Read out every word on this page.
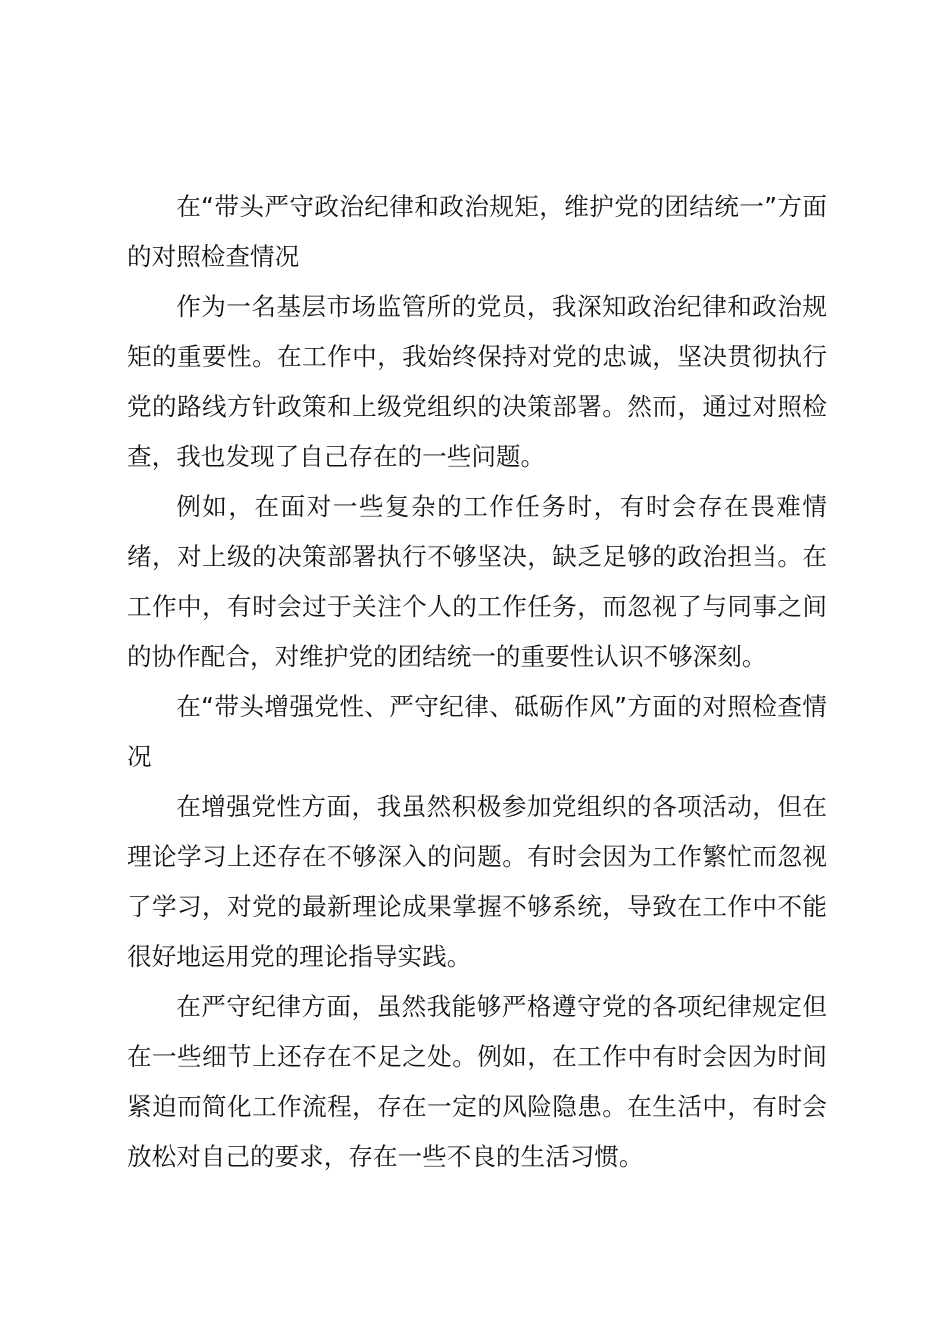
在“带头严守政治纪律和政治规矩，维护党的团结统一”方面的对照检查情况

作为一名基层市场监管所的党员，我深知政治纪律和政治规矩的重要性。在工作中，我始终保持对党的忠诚，坚决贯彻执行党的路线方针政策和上级党组织的决策部署。然而，通过对照检查，我也发现了自己存在的一些问题。

例如，在面对一些复杂的工作任务时，有时会存在畏难情绪，对上级的决策部署执行不够坚决，缺乏足够的政治担当。在工作中，有时会过于关注个人的工作任务，而忽视了与同事之间的协作配合，对维护党的团结统一的重要性认识不够深刻。

在“带头增强党性、严守纪律、砥砺作风”方面的对照检查情况

在增强党性方面，我虽然积极参加党组织的各项活动，但在理论学习上还存在不够深入的问题。有时会因为工作繁忙而忽视了学习，对党的最新理论成果掌握不够系统，导致在工作中不能很好地运用党的理论指导实践。

在严守纪律方面，虽然我能够严格遵守党的各项纪律规定但在一些细节上还存在不足之处。例如，在工作中有时会因为时间紧迫而简化工作流程，存在一定的风险隐患。在生活中，有时会放松对自己的要求，存在一些不良的生活习惯。
